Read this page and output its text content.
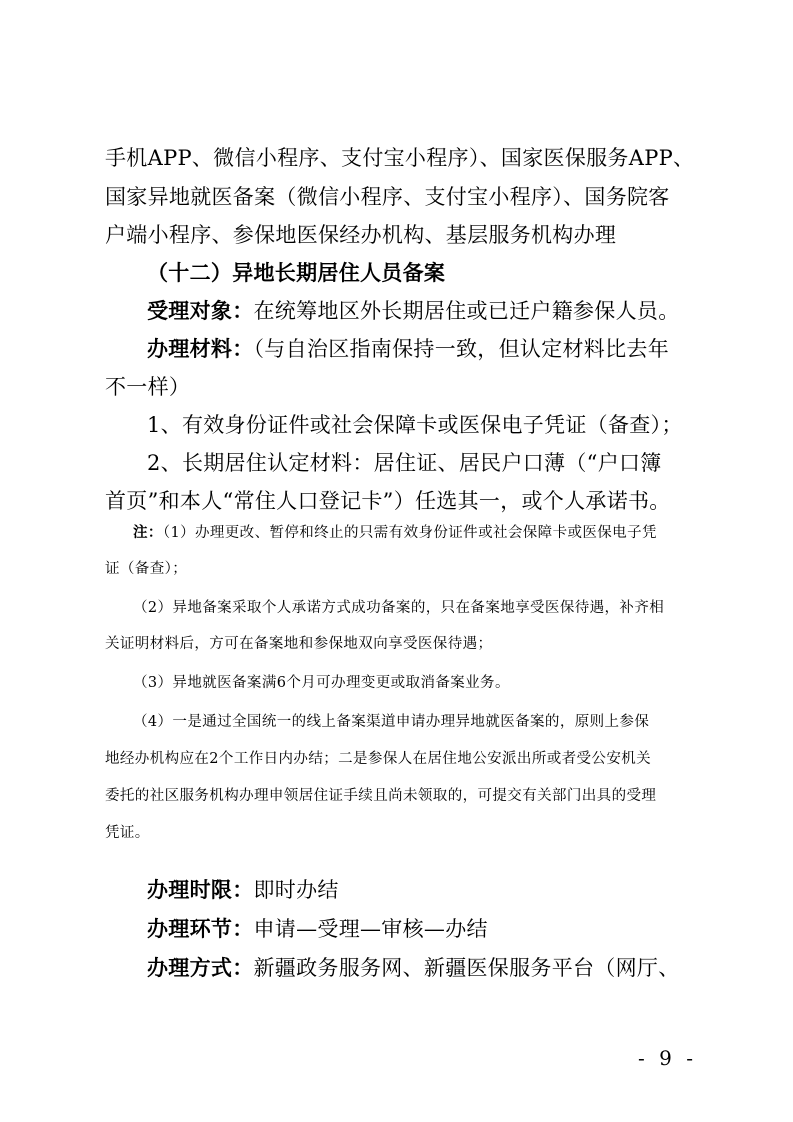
手机APP、微信小程序、支付宝小程序）、国家医保服务APP、
国家异地就医备案（微信小程序、支付宝小程序）、国务院客
户端小程序、参保地医保经办机构、基层服务机构办理
（十二）异地长期居住人员备案
受理对象：在统筹地区外长期居住或已迁户籍参保人员。
办理材料：（与自治区指南保持一致，但认定材料比去年
不一样）
1、有效身份证件或社会保障卡或医保电子凭证（备查）；
2、长期居住认定材料：居住证、居民户口薄（“户口簿
首页”和本人“常住人口登记卡”）任选其一，或个人承诺书。
注：（1）办理更改、暂停和终止的只需有效身份证件或社会保障卡或医保电子凭
证（备查）；
（2）异地备案采取个人承诺方式成功备案的，只在备案地享受医保待遇，补齐相
关证明材料后，方可在备案地和参保地双向享受医保待遇；
（3）异地就医备案满6个月可办理变更或取消备案业务。
（4）一是通过全国统一的线上备案渠道申请办理异地就医备案的，原则上参保
地经办机构应在2个工作日内办结；二是参保人在居住地公安派出所或者受公安机关
委托的社区服务机构办理申领居住证手续且尚未领取的，可提交有关部门出具的受理
凭证。
办理时限：即时办结
办理环节：申请—受理—审核—办结
办理方式：新疆政务服务网、新疆医保服务平台（网厅、
- 9 -
